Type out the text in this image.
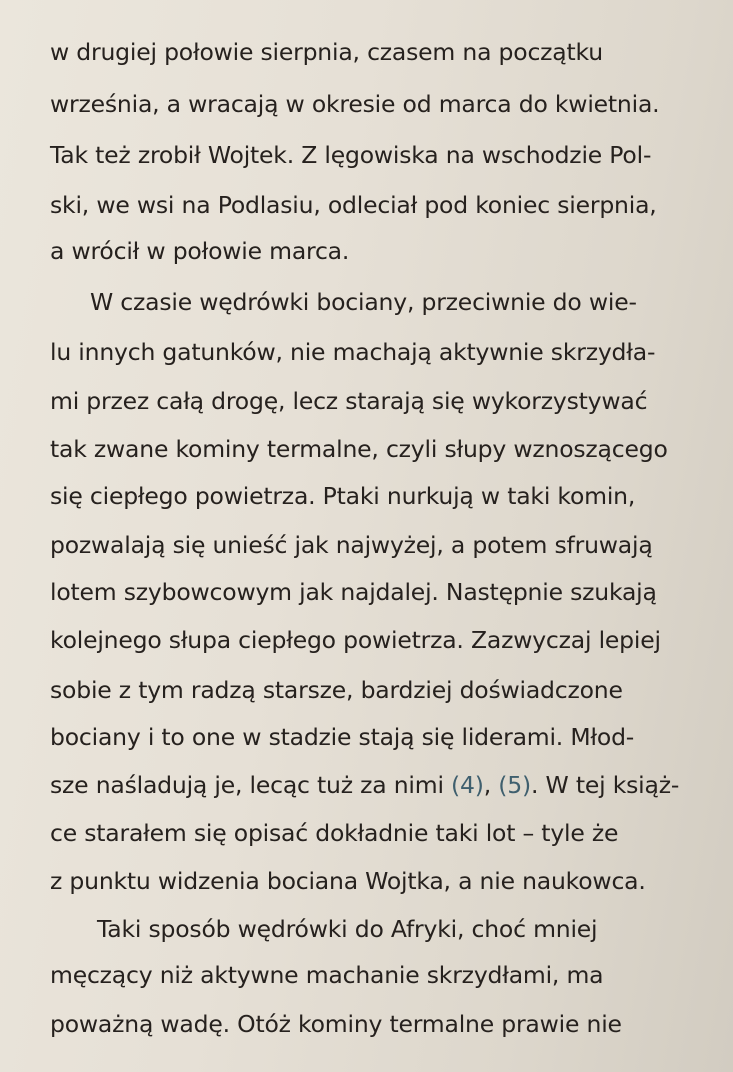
w drugiej połowie sierpnia, czasem na początku
września, a wracają w okresie od marca do kwietnia.
Tak też zrobił Wojtek. Z lęgowiska na wschodzie Pol-
ski, we wsi na Podlasiu, odleciał pod koniec sierpnia,
a wrócił w połowie marca.
W czasie wędrówki bociany, przeciwnie do wie-
lu innych gatunków, nie machają aktywnie skrzydła-
mi przez całą drogę, lecz starają się wykorzystywać
tak zwane kominy termalne, czyli słupy wznoszącego
się ciepłego powietrza. Ptaki nurkują w taki komin,
pozwalają się unieść jak najwyżej, a potem sfruwają
lotem szybowcowym jak najdalej. Następnie szukają
kolejnego słupa ciepłego powietrza. Zazwyczaj lepiej
sobie z tym radzą starsze, bardziej doświadczone
bociany i to one w stadzie stają się liderami. Młod-
sze naśladują je, lecąc tuż za nimi (4), (5). W tej książ-
ce starałem się opisać dokładnie taki lot – tyle że
z punktu widzenia bociana Wojtka, a nie naukowca.
Taki sposób wędrówki do Afryki, choć mniej
męczący niż aktywne machanie skrzydłami, ma
poważną wadę. Otóż kominy termalne prawie nie
